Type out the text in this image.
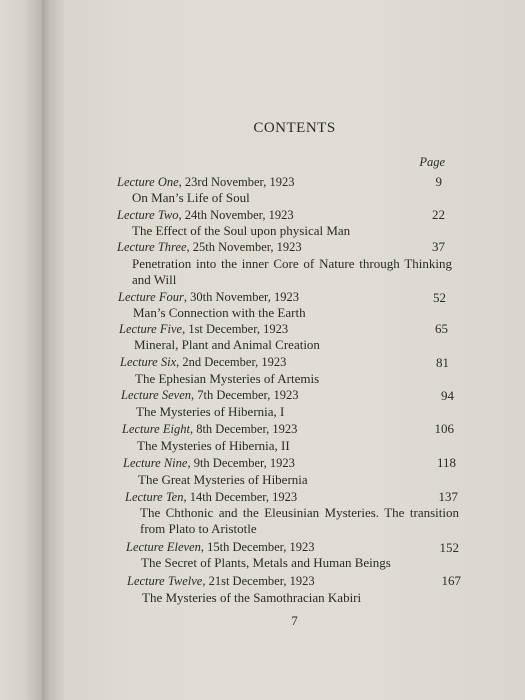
CONTENTS
Page
Lecture One, 23rd November, 1923
On Man’s Life of Soul
9
Lecture Two, 24th November, 1923
The Effect of the Soul upon physical Man
22
Lecture Three, 25th November, 1923
Penetration into the inner Core of Nature through Thinking and Will
37
Lecture Four, 30th November, 1923
Man’s Connection with the Earth
52
Lecture Five, 1st December, 1923
Mineral, Plant and Animal Creation
65
Lecture Six, 2nd December, 1923
The Ephesian Mysteries of Artemis
81
Lecture Seven, 7th December, 1923
The Mysteries of Hibernia, I
94
Lecture Eight, 8th December, 1923
The Mysteries of Hibernia, II
106
Lecture Nine, 9th December, 1923
The Great Mysteries of Hibernia
118
Lecture Ten, 14th December, 1923
The Chthonic and the Eleusinian Mysteries. The transition from Plato to Aristotle
137
Lecture Eleven, 15th December, 1923
The Secret of Plants, Metals and Human Beings
152
Lecture Twelve, 21st December, 1923
The Mysteries of the Samothracian Kabiri
167
7
